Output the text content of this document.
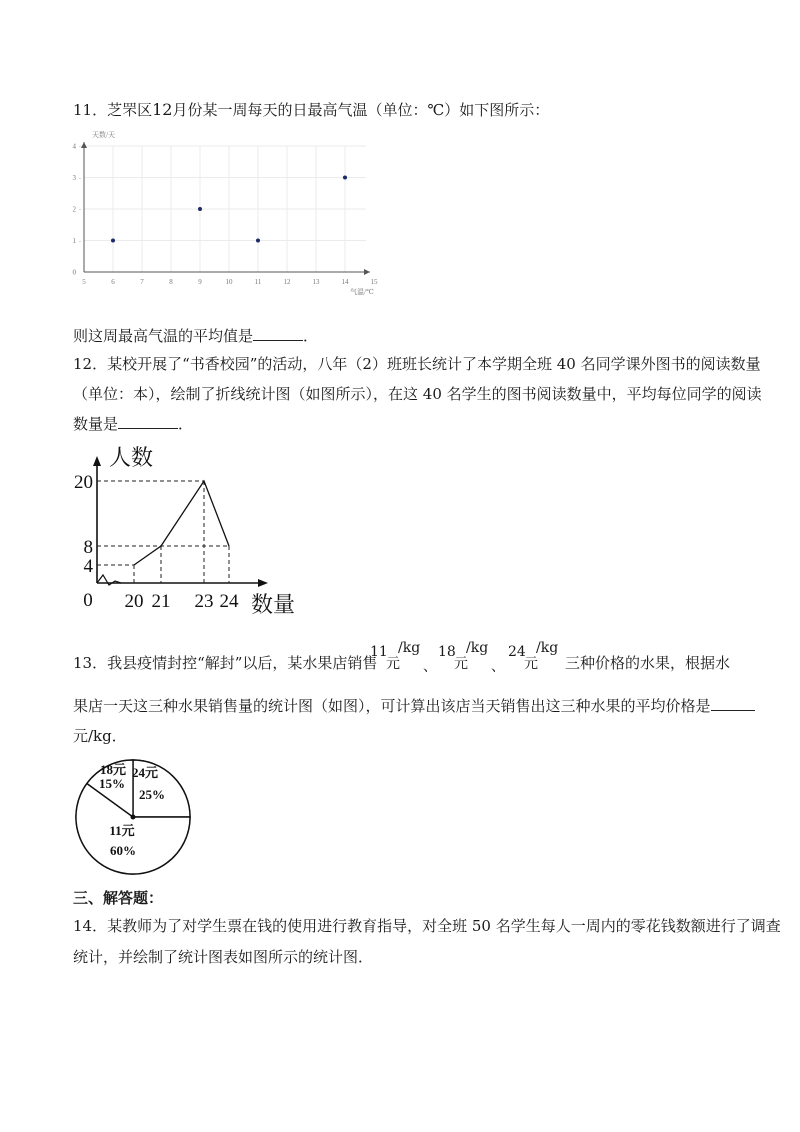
11．芝罘区12月份某一周每天的日最高气温（单位：℃）如下图所示：
5	6	7	8	9	10	11	12	13	14	15
0
1 -
2 -
3 -
4 -
天数/天
气温/℃
则这周最高气温的平均值是	．
12．某校开展了“书香校园”的活动，八年（2）班班长统计了本学期全班 40 名同学课外图书的阅读数量
（单位：本），绘制了折线统计图（如图所示），在这 40 名学生的图书阅读数量中，平均每位同学的阅读
数量是	．
4
8
20
20 21 23 24
0
人数
数量
13．我县疫情封控“解封”以后，某水果店销售
11 /kg
元	、
18 /kg
元	、
24 /kg
元	三种价格的水果，根据水
果店一天这三种水果销售量的统计图（如图），可计算出该店当天销售出这三种水果的平均价格是
元/kg．
11元
60%
18元
15%
24元
25%
三、解答题：
14．某教师为了对学生票在钱的使用进行教育指导，对全班 50 名学生每人一周内的零花钱数额进行了调查
统计，并绘制了统计图表如图所示的统计图．
